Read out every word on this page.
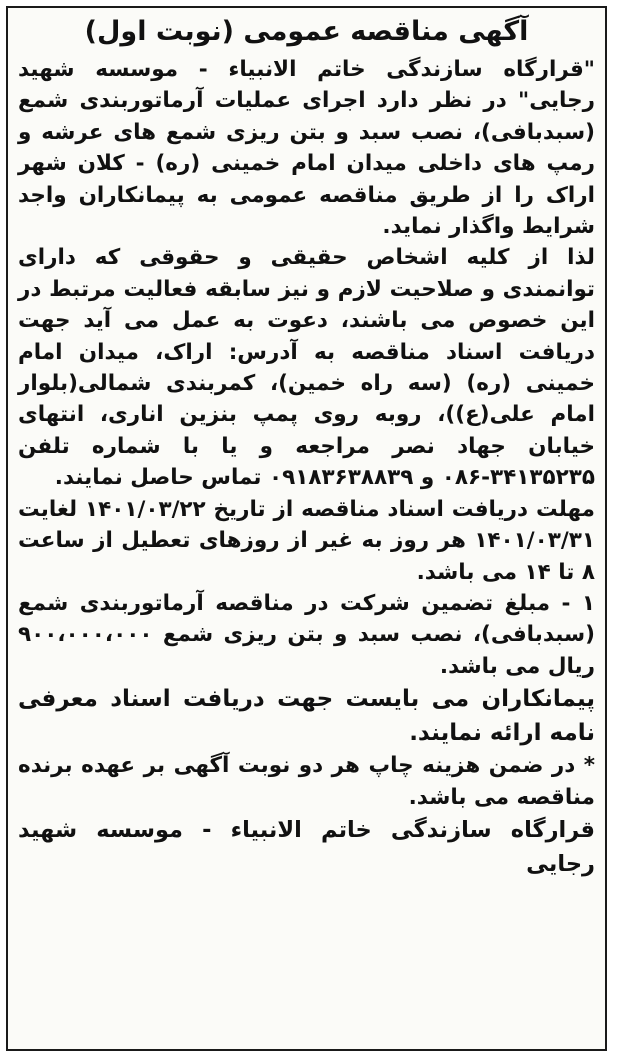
آگهی مناقصه عمومی (نوبت اول)

"قرارگاه سازندگی خاتم الانبیاء - موسسه شهید رجایی" در نظر دارد اجرای عملیات آرماتوربندی شمع (سبدبافی)، نصب سبد و بتن ریزی شمع های عرشه و رمپ های داخلی میدان امام خمینی (ره) - کلان شهر اراک را از طریق مناقصه عمومی به پیمانکاران واجد شرایط واگذار نماید.

لذا از کلیه اشخاص حقیقی و حقوقی که دارای توانمندی و صلاحیت لازم و نیز سابقه فعالیت مرتبط در این خصوص می باشند، دعوت به عمل می آید جهت دریافت اسناد مناقصه به آدرس: اراک، میدان امام خمینی (ره) (سه راه خمین)، کمربندی شمالی(بلوار امام علی(ع))، روبه روی پمپ بنزین اناری، انتهای خیابان جهاد نصر مراجعه و یا با شماره تلفن ۳۴۱۳۵۲۳۵-۰۸۶ و ۰۹۱۸۳۶۳۸۸۳۹ تماس حاصل نمایند.

مهلت دریافت اسناد مناقصه از تاریخ ۱۴۰۱/۰۳/۲۲ لغایت ۱۴۰۱/۰۳/۳۱ هر روز به غیر از روزهای تعطیل از ساعت ۸ تا ۱۴ می باشد.

۱ - مبلغ تضمین شرکت در مناقصه آرماتوربندی شمع (سبدبافی)، نصب سبد و بتن ریزی شمع ۹۰۰،۰۰۰،۰۰۰ ریال می باشد.

پیمانکاران می بایست جهت دریافت اسناد معرفی نامه ارائه نمایند.

* در ضمن هزینه چاپ هر دو نوبت آگهی بر عهده برنده مناقصه می باشد.

قرارگاه سازندگی خاتم الانبیاء - موسسه شهید رجایی
